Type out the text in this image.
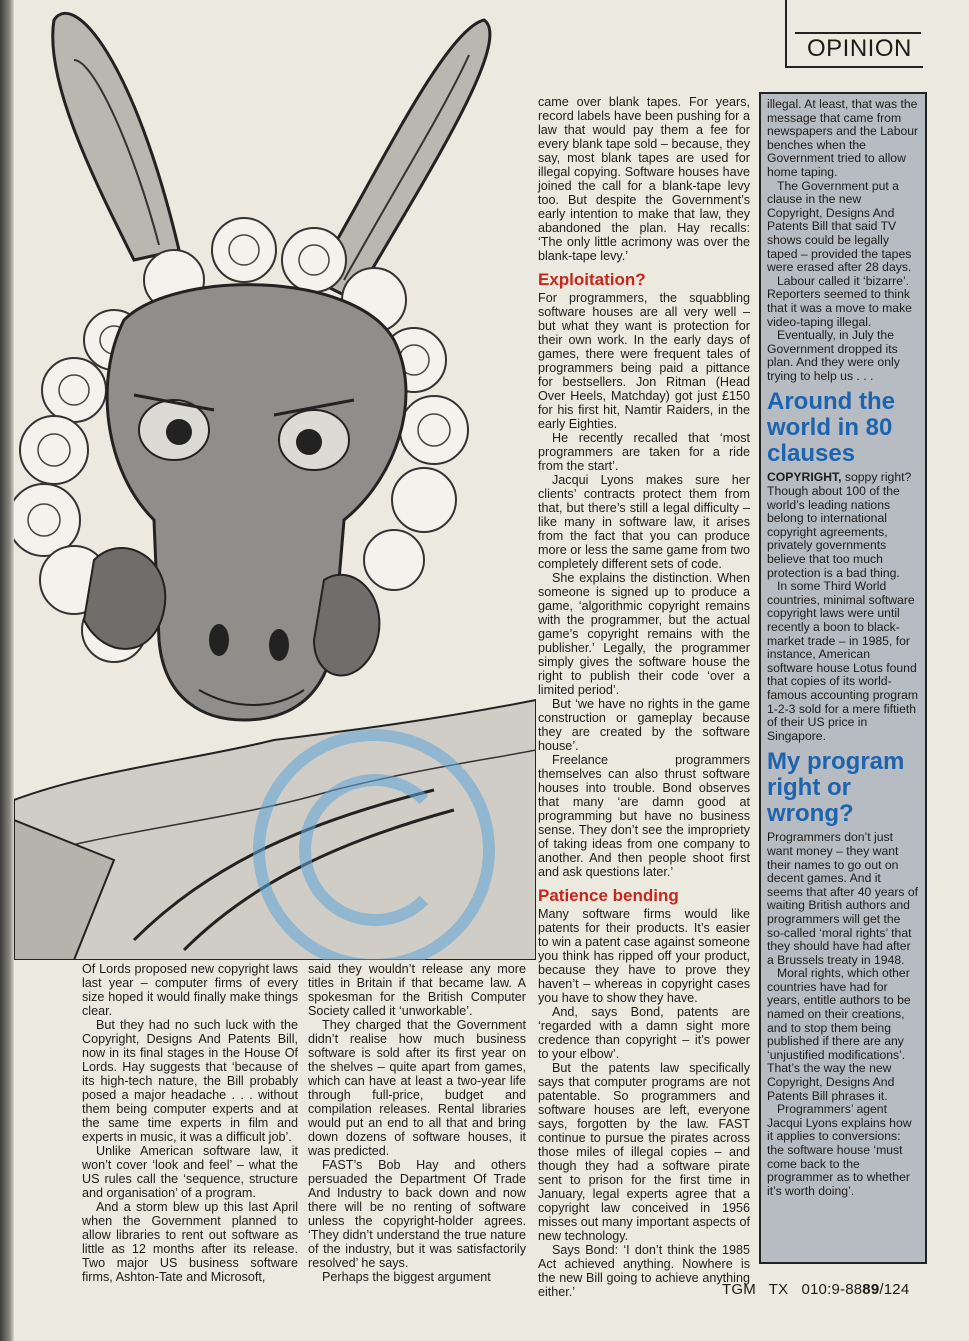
OPINION

Of Lords proposed new copyright laws last year – computer firms of every size hoped it would finally make things clear.

But they had no such luck with the Copyright, Designs And Patents Bill, now in its final stages in the House Of Lords. Hay suggests that ‘because of its high-tech nature, the Bill probably posed a major headache . . . without them being computer experts and at the same time experts in film and experts in music, it was a difficult job’.

Unlike American software law, it won’t cover ‘look and feel’ – what the US rules call the ‘sequence, structure and organisation’ of a program.

And a storm blew up this last April when the Government planned to allow libraries to rent out software as little as 12 months after its release. Two major US business software firms, Ashton-Tate and Microsoft,

said they wouldn’t release any more titles in Britain if that became law. A spokesman for the British Computer Society called it ‘unworkable’.

They charged that the Government didn’t realise how much business software is sold after its first year on the shelves – quite apart from games, which can have at least a two-year life through full-price, budget and compilation releases. Rental libraries would put an end to all that and bring down dozens of software houses, it was predicted.

FAST’s Bob Hay and others persuaded the Department Of Trade And Industry to back down and now there will be no renting of software unless the copyright-holder agrees. ‘They didn’t understand the true nature of the industry, but it was satisfactorily resolved’ he says.

Perhaps the biggest argument

came over blank tapes. For years, record labels have been pushing for a law that would pay them a fee for every blank tape sold – because, they say, most blank tapes are used for illegal copying. Software houses have joined the call for a blank-tape levy too. But despite the Government’s early intention to make that law, they abandoned the plan. Hay recalls: ‘The only little acrimony was over the blank-tape levy.’

Exploitation?

For programmers, the squabbling software houses are all very well – but what they want is protection for their own work. In the early days of games, there were frequent tales of programmers being paid a pittance for bestsellers. Jon Ritman (Head Over Heels, Matchday) got just £150 for his first hit, Namtir Raiders, in the early Eighties.

He recently recalled that ‘most programmers are taken for a ride from the start’.

Jacqui Lyons makes sure her clients’ contracts protect them from that, but there’s still a legal difficulty – like many in software law, it arises from the fact that you can produce more or less the same game from two completely different sets of code.

She explains the distinction. When someone is signed up to produce a game, ‘algorithmic copyright remains with the programmer, but the actual game’s copyright remains with the publisher.’ Legally, the programmer simply gives the software house the right to publish their code ‘over a limited period’.

But ‘we have no rights in the game construction or gameplay because they are created by the software house’.

Freelance programmers themselves can also thrust software houses into trouble. Bond observes that many ‘are damn good at programming but have no business sense. They don’t see the impropriety of taking ideas from one company to another. And then people shoot first and ask questions later.’

Patience bending

Many software firms would like patents for their products. It’s easier to win a patent case against someone you think has ripped off your product, because they have to prove they haven’t – whereas in copyright cases you have to show they have.

And, says Bond, patents are ‘regarded with a damn sight more credence than copyright – it’s power to your elbow’.

But the patents law specifically says that computer programs are not patentable. So programmers and software houses are left, everyone says, forgotten by the law. FAST continue to pursue the pirates across those miles of illegal copies – and though they had a software pirate sent to prison for the first time in January, legal experts agree that a copyright law conceived in 1956 misses out many important aspects of new technology.

Says Bond: ‘I don’t think the 1985 Act achieved anything. Nowhere is the new Bill going to achieve anything either.’

illegal. At least, that was the message that came from newspapers and the Labour benches when the Government tried to allow home taping.

The Government put a clause in the new Copyright, Designs And Patents Bill that said TV shows could be legally taped – provided the tapes were erased after 28 days.

Labour called it ‘bizarre’. Reporters seemed to think that it was a move to make video-taping illegal.

Eventually, in July the Government dropped its plan. And they were only trying to help us . . .

Around the world in 80 clauses

COPYRIGHT, soppy right? Though about 100 of the world’s leading nations belong to international copyright agreements, privately governments believe that too much protection is a bad thing.

In some Third World countries, minimal software copyright laws were until recently a boon to black-market trade – in 1985, for instance, American software house Lotus found that copies of its world-famous accounting program 1-2-3 sold for a mere fiftieth of their US price in Singapore.

My program right or wrong?

Programmers don’t just want money – they want their names to go out on decent games. And it seems that after 40 years of waiting British authors and programmers will get the so-called ‘moral rights’ that they should have had after a Brussels treaty in 1948.

Moral rights, which other countries have had for years, entitle authors to be named on their creations, and to stop them being published if there are any ‘unjustified modifications’. That’s the way the new Copyright, Designs And Patents Bill phrases it.

Programmers’ agent Jacqui Lyons explains how it applies to conversions: the software house ‘must come back to the programmer as to whether it’s worth doing’.

TGM TX 010:9-8889/124
